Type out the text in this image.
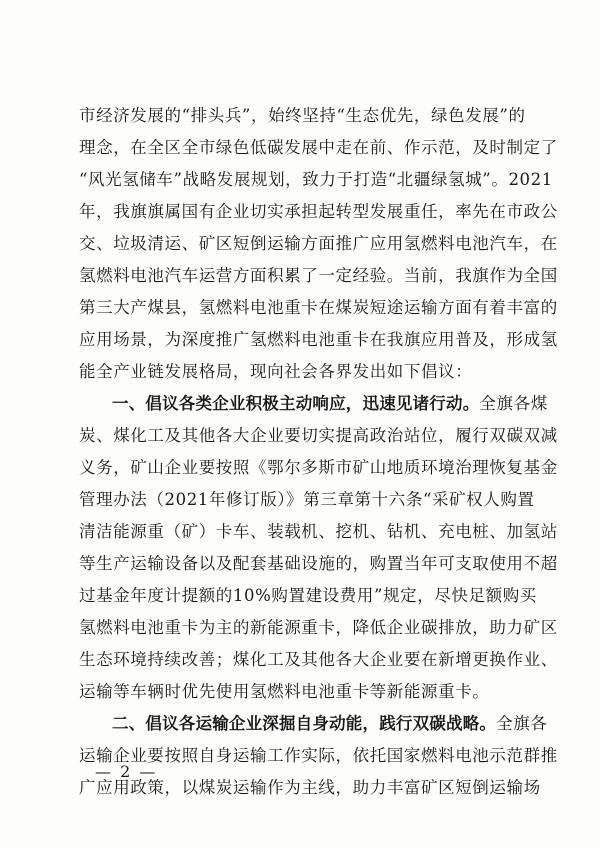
市经济发展的“排头兵”，始终坚持“生态优先，绿色发展”的
理念，在全区全市绿色低碳发展中走在前、作示范，及时制定了
“风光氢储车”战略发展规划，致力于打造“北疆绿氢城”。2021
年，我旗旗属国有企业切实承担起转型发展重任，率先在市政公
交、垃圾清运、矿区短倒运输方面推广应用氢燃料电池汽车，在
氢燃料电池汽车运营方面积累了一定经验。当前，我旗作为全国
第三大产煤县，氢燃料电池重卡在煤炭短途运输方面有着丰富的
应用场景，为深度推广氢燃料电池重卡在我旗应用普及，形成氢
能全产业链发展格局，现向社会各界发出如下倡议：
一、倡议各类企业积极主动响应，迅速见诸行动。全旗各煤
炭、煤化工及其他各大企业要切实提高政治站位，履行双碳双减
义务，矿山企业要按照《鄂尔多斯市矿山地质环境治理恢复基金
管理办法（2021年修订版）》第三章第十六条“采矿权人购置
清洁能源重（矿）卡车、装载机、挖机、钻机、充电桩、加氢站
等生产运输设备以及配套基础设施的，购置当年可支取使用不超
过基金年度计提额的10%购置建设费用”规定，尽快足额购买
氢燃料电池重卡为主的新能源重卡，降低企业碳排放，助力矿区
生态环境持续改善；煤化工及其他各大企业要在新增更换作业、
运输等车辆时优先使用氢燃料电池重卡等新能源重卡。
二、倡议各运输企业深掘自身动能，践行双碳战略。全旗各
运输企业要按照自身运输工作实际，依托国家燃料电池示范群推
广应用政策，以煤炭运输作为主线，助力丰富矿区短倒运输场
— 2 —
